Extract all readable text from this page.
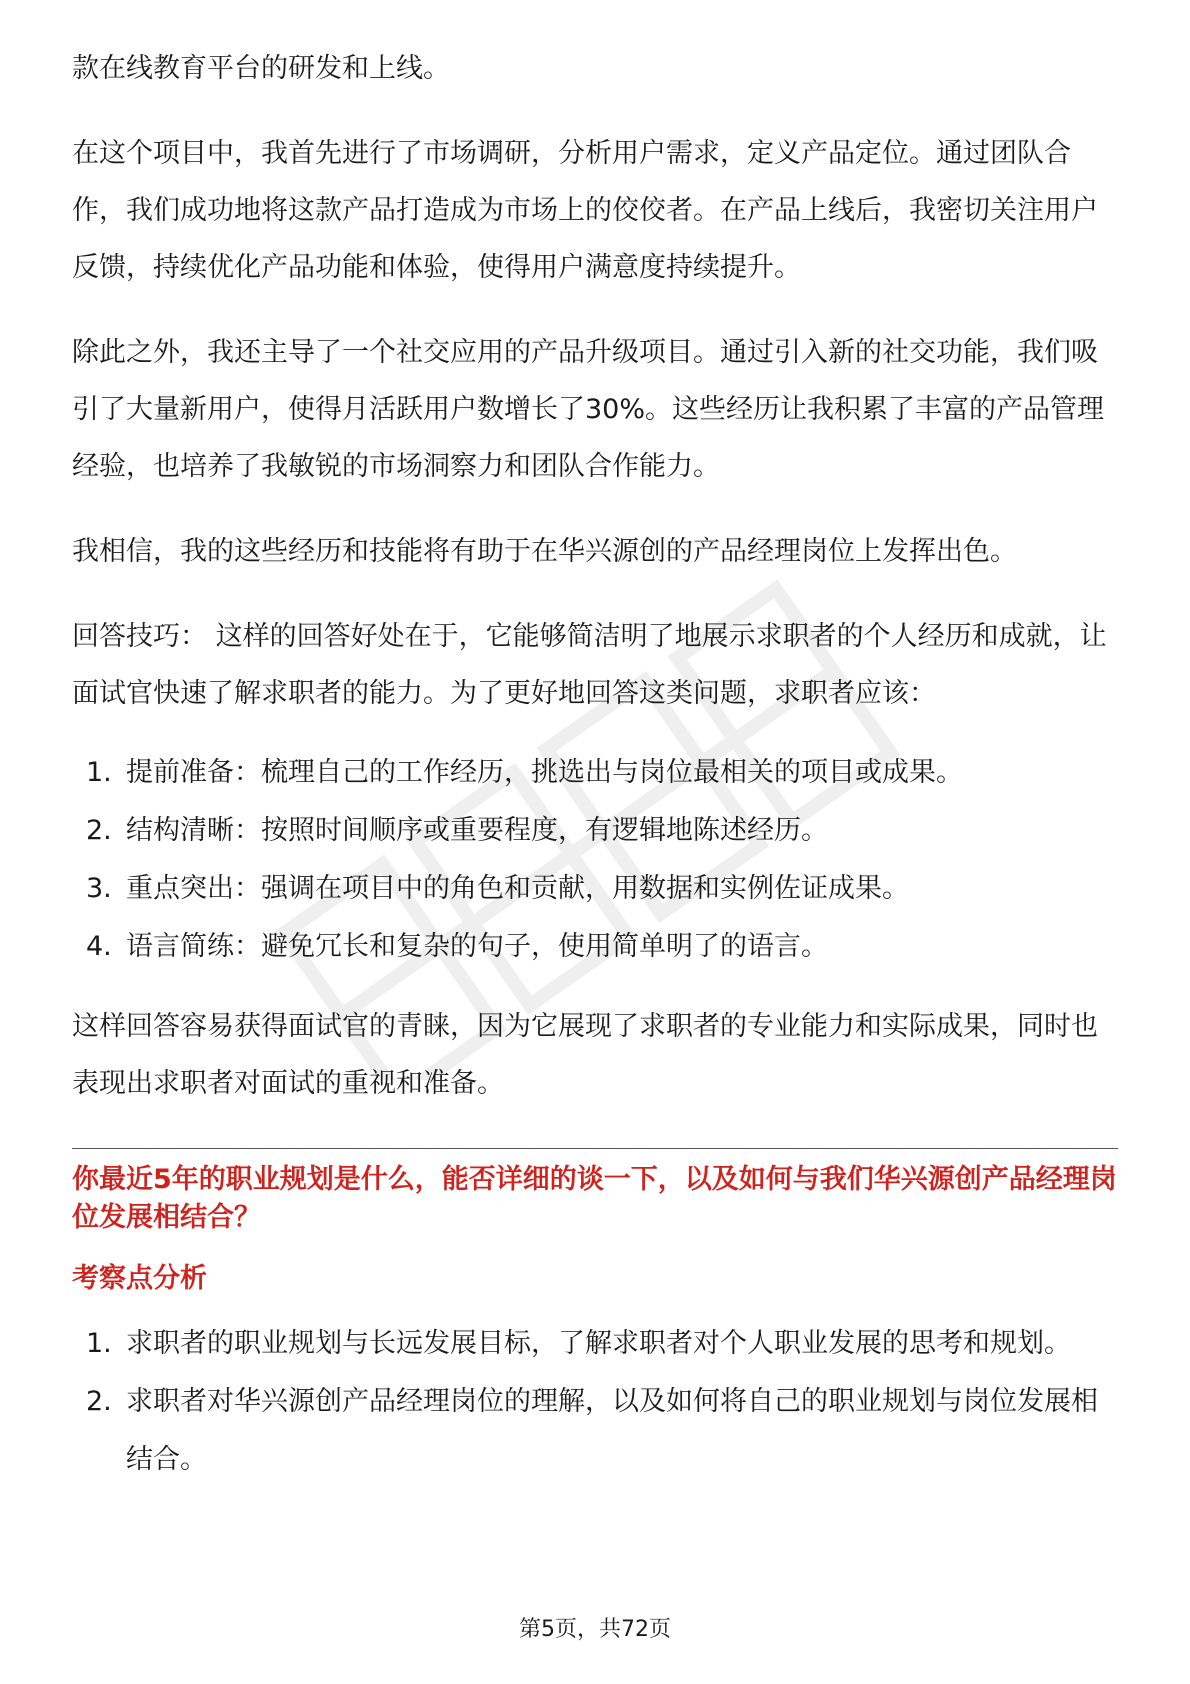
款在线教育平台的研发和上线。

在这个项目中，我首先进行了市场调研，分析用户需求，定义产品定位。通过团队合作，我们成功地将这款产品打造成为市场上的佼佼者。在产品上线后，我密切关注用户反馈，持续优化产品功能和体验，使得用户满意度持续提升。

除此之外，我还主导了一个社交应用的产品升级项目。通过引入新的社交功能，我们吸引了大量新用户，使得月活跃用户数增长了30%。这些经历让我积累了丰富的产品管理经验，也培养了我敏锐的市场洞察力和团队合作能力。

我相信，我的这些经历和技能将有助于在华兴源创的产品经理岗位上发挥出色。

回答技巧： 这样的回答好处在于，它能够简洁明了地展示求职者的个人经历和成就，让面试官快速了解求职者的能力。为了更好地回答这类问题，求职者应该：

1. 提前准备：梳理自己的工作经历，挑选出与岗位最相关的项目或成果。
2. 结构清晰：按照时间顺序或重要程度，有逻辑地陈述经历。
3. 重点突出：强调在项目中的角色和贡献，用数据和实例佐证成果。
4. 语言简练：避免冗长和复杂的句子，使用简单明了的语言。

这样回答容易获得面试官的青睐，因为它展现了求职者的专业能力和实际成果，同时也表现出求职者对面试的重视和准备。

你最近5年的职业规划是什么，能否详细的谈一下，以及如何与我们华兴源创产品经理岗位发展相结合？

考察点分析
1. 求职者的职业规划与长远发展目标，了解求职者对个人职业发展的思考和规划。
2. 求职者对华兴源创产品经理岗位的理解，以及如何将自己的职业规划与岗位发展相结合。
第5页，共72页
